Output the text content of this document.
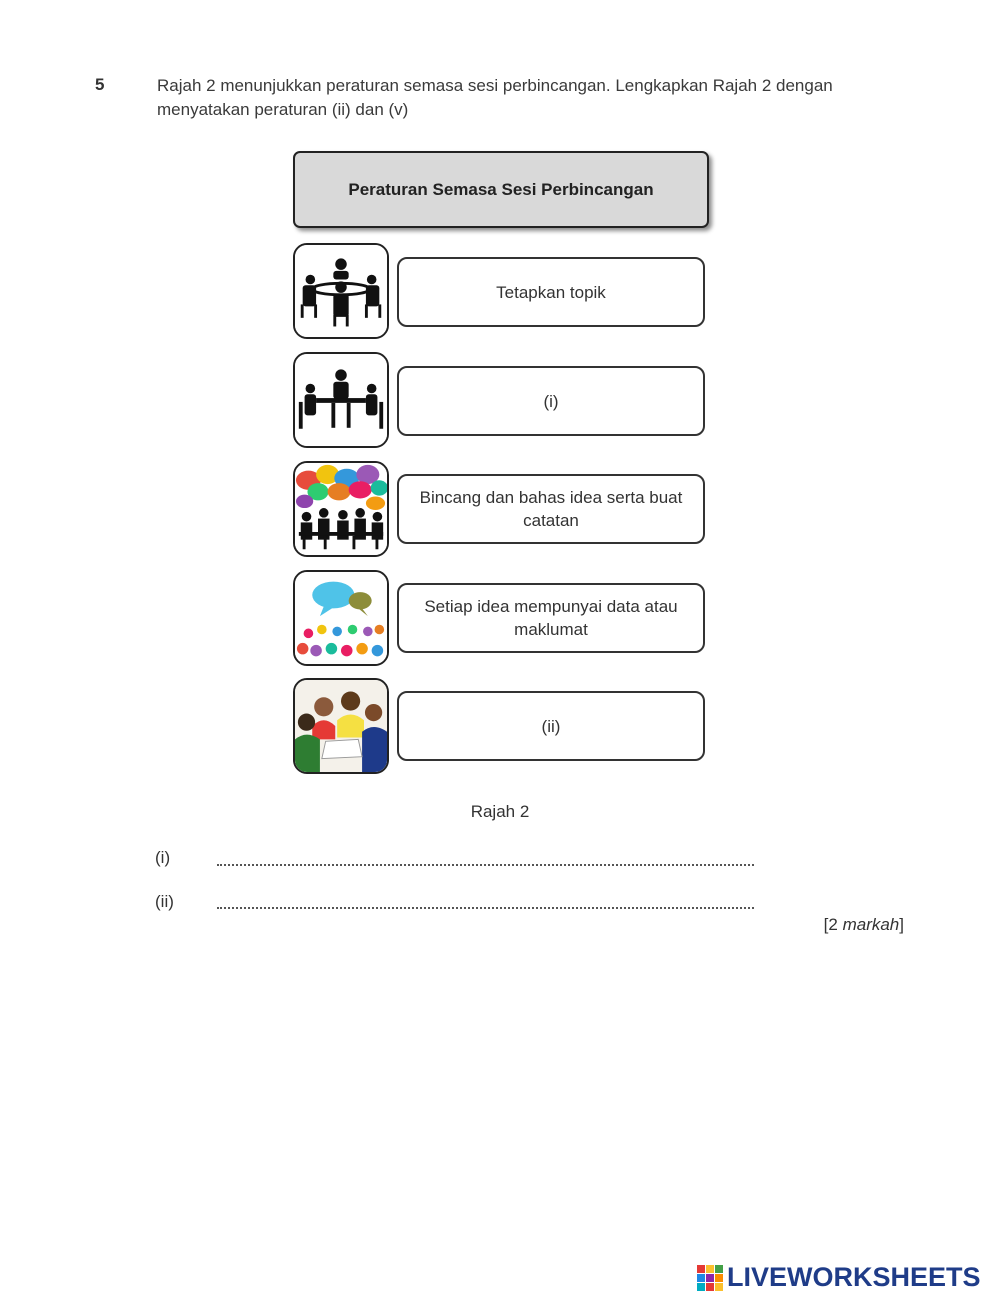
5	Rajah 2 menunjukkan peraturan semasa sesi perbincangan. Lengkapkan Rajah 2 dengan menyatakan peraturan (ii) dan (v)
Peraturan Semasa Sesi Perbincangan
Tetapkan topik
(i)
Bincang dan bahas idea serta buat catatan
Setiap idea mempunyai data atau maklumat
(ii)
Rajah 2
(i)
(ii)
[2 markah]
LIVEWORKSHEETS
